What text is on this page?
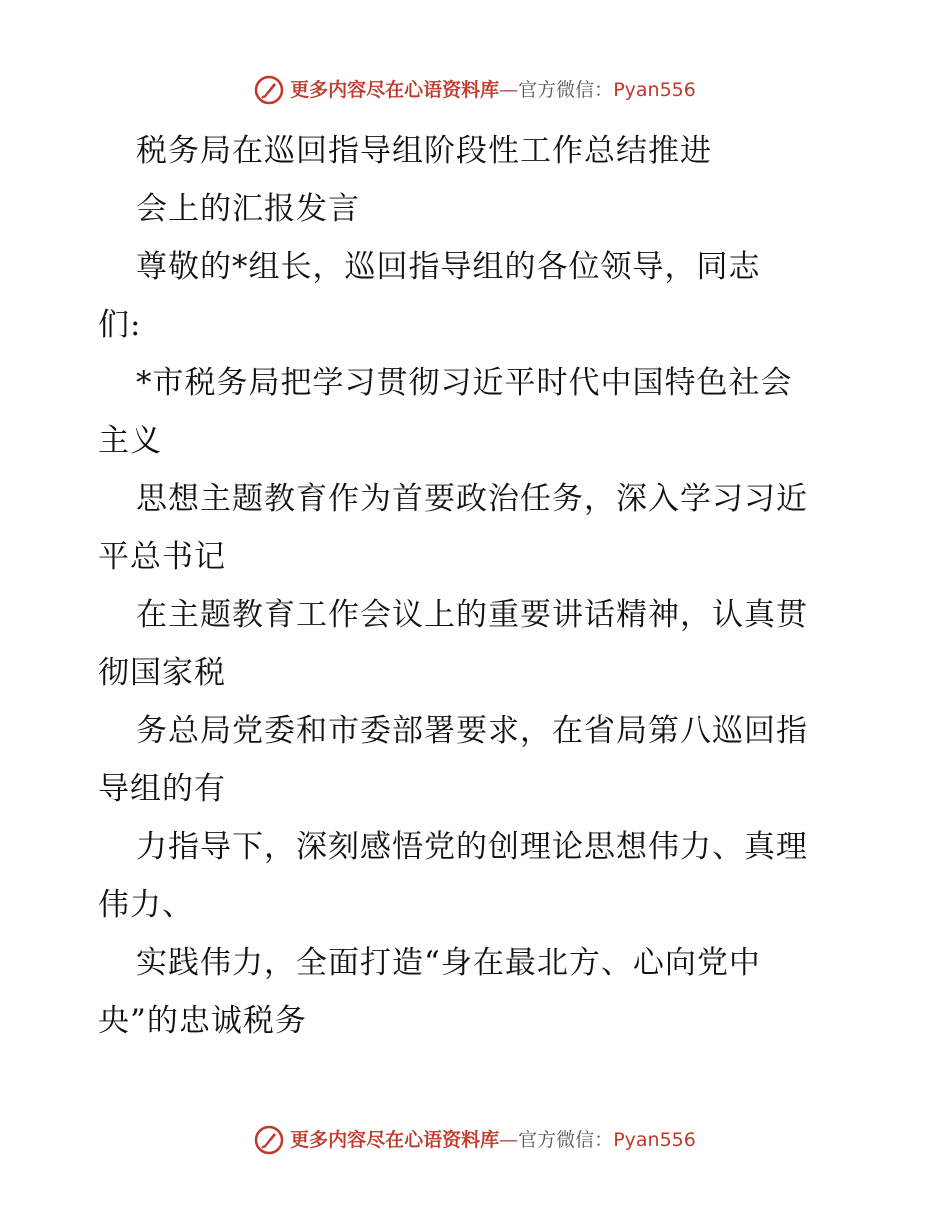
更多内容尽在心语资料库—官方微信：Pyan556
税务局在巡回指导组阶段性工作总结推进
会上的汇报发言
尊敬的*组长，巡回指导组的各位领导，同志
们:
*市税务局把学习贯彻习近平时代中国特色社会
主义
思想主题教育作为首要政治任务，深入学习习近
平总书记
在主题教育工作会议上的重要讲话精神，认真贯
彻国家税
务总局党委和市委部署要求，在省局第八巡回指
导组的有
力指导下，深刻感悟党的创理论思想伟力、真理
伟力、
实践伟力，全面打造“身在最北方、心向党中
央”的忠诚税务
更多内容尽在心语资料库—官方微信：Pyan556
